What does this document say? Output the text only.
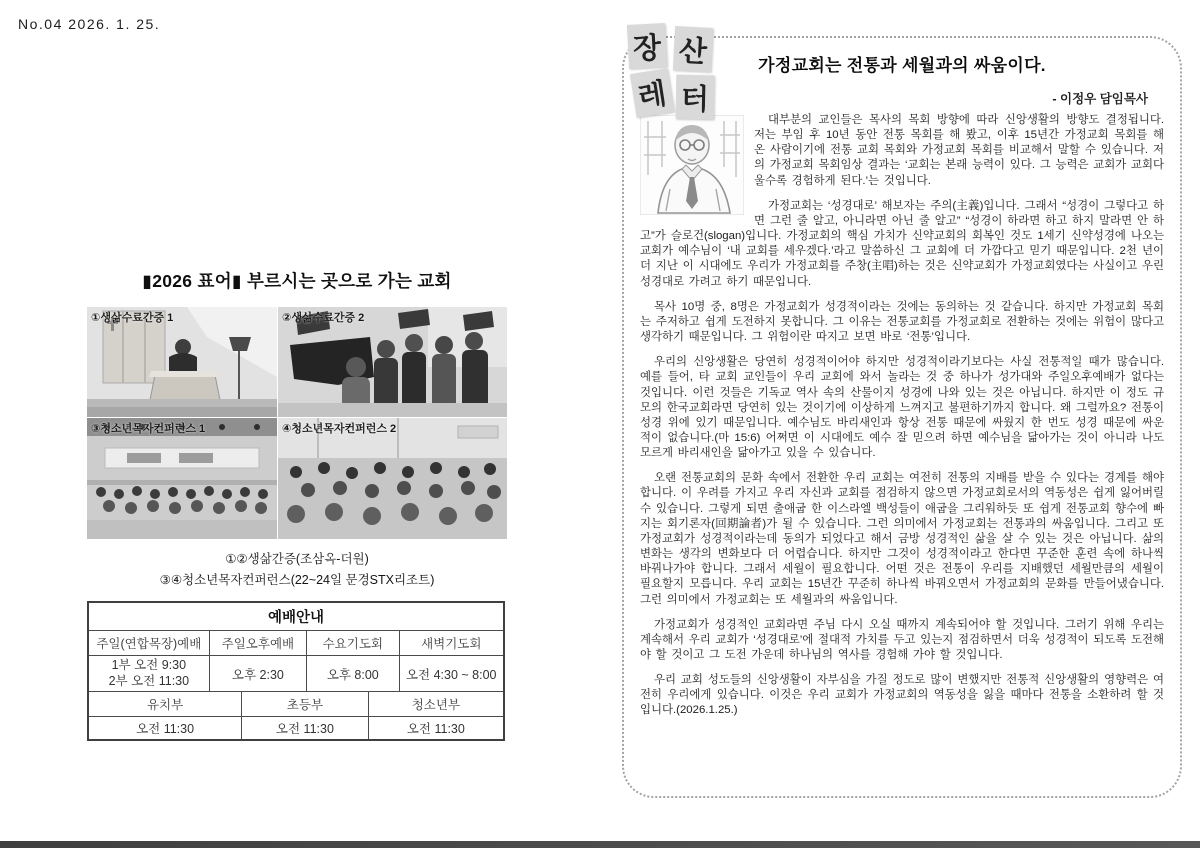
No.04 2026. 1. 25.
▮2026 표어▮ 부르시는 곳으로 가는 교회
①생삶수료간증 1	②생삶수료간증 2
③청소년목자컨퍼런스 1	④청소년목자컨퍼런스 2
①②생삶간증(조삼옥-더원)
③④청소년목자컨퍼런스(22~24일 문경STX리조트)
예배안내					
주일(연합목장)예배	주일오후예배		수요기도회		새벽기도회

1부 오전 9:30
2부 오전 11:30	오후 2:30		오후 8:00		오전 4:30 ~ 8:00
유치부		초등부		청소년부	
오전 11:30		오전 11:30		오전 11:30	
장 산
레 터
가정교회는 전통과 세월과의 싸움이다.
- 이정우 담임목사

대부분의 교인들은 목사의 목회 방향에 따라 신앙생활의 방향도 결정됩니다. 저는 부임 후 10년 동안 전통 목회를 해 봤고, 이후 15년간 가정교회 목회를 해 온 사람이기에 전통 교회 목회와 가정교회 목회를 비교해서 말할 수 있습니다. 저의 가정교회 목회임상 결과는 ‘교회는 본래 능력이 있다. 그 능력은 교회가 교회다울수록 경험하게 된다.’는 것입니다.

가정교회는 ‘성경대로’ 해보자는 주의(主義)입니다. 그래서 “성경이 그렇다고 하면 그런 줄 알고, 아니라면 아닌 줄 알고” “성경이 하라면 하고 하지 말라면 안 하고”가 슬로건(slogan)입니다. 가정교회의 핵심 가치가 신약교회의 회복인 것도 1세기 신약성경에 나오는 교회가 예수님이 ‘내 교회를 세우겠다.’라고 말씀하신 그 교회에 더 가깝다고 믿기 때문입니다. 2천 년이 더 지난 이 시대에도 우리가 가정교회를 주창(主唱)하는 것은 신약교회가 가정교회였다는 사실이고 우린 성경대로 가려고 하기 때문입니다.

목사 10명 중, 8명은 가정교회가 성경적이라는 것에는 동의하는 것 같습니다. 하지만 가정교회 목회는 주저하고 쉽게 도전하지 못합니다. 그 이유는 전통교회를 가정교회로 전환하는 것에는 위험이 많다고 생각하기 때문입니다. 그 위험이란 따지고 보면 바로 ‘전통’입니다.

우리의 신앙생활은 당연히 성경적이어야 하지만 성경적이라기보다는 사실 전통적일 때가 많습니다. 예를 들어, 타 교회 교인들이 우리 교회에 와서 놀라는 것 중 하나가 성가대와 주일오후예배가 없다는 것입니다. 이런 것들은 기독교 역사 속의 산물이지 성경에 나와 있는 것은 아닙니다. 하지만 이 정도 규모의 한국교회라면 당연히 있는 것이기에 이상하게 느껴지고 불편하기까지 합니다. 왜 그럴까요? 전통이 성경 위에 있기 때문입니다. 예수님도 바리새인과 항상 전통 때문에 싸웠지 한 번도 성경 때문에 싸운 적이 없습니다.(마 15:6) 어쩌면 이 시대에도 예수 잘 믿으려 하면 예수님을 닮아가는 것이 아니라 나도 모르게 바리새인을 닮아가고 있을 수 있습니다.

오랜 전통교회의 문화 속에서 전환한 우리 교회는 여전히 전통의 지배를 받을 수 있다는 경계를 해야 합니다. 이 우려를 가지고 우리 자신과 교회를 점검하지 않으면 가정교회로서의 역동성은 쉽게 잃어버릴 수 있습니다. 그렇게 되면 출애굽 한 이스라엘 백성들이 애굽을 그리워하듯 또 쉽게 전통교회 향수에 빠지는 회기론자(回期論者)가 될 수 있습니다. 그런 의미에서 가정교회는 전통과의 싸움입니다. 그리고 또 가정교회가 성경적이라는데 동의가 되었다고 해서 금방 성경적인 삶을 살 수 있는 것은 아닙니다. 삶의 변화는 생각의 변화보다 더 어렵습니다. 하지만 그것이 성경적이라고 한다면 꾸준한 훈련 속에 하나씩 바꿔나가야 합니다. 그래서 세월이 필요합니다. 어떤 것은 전통이 우리를 지배했던 세월만큼의 세월이 필요할지 모릅니다. 우리 교회는 15년간 꾸준히 하나씩 바꿔오면서 가정교회의 문화를 만들어냈습니다. 그런 의미에서 가정교회는 또 세월과의 싸움입니다.

가정교회가 성경적인 교회라면 주님 다시 오실 때까지 계속되어야 할 것입니다. 그러기 위해 우리는 계속해서 우리 교회가 ‘성경대로’에 절대적 가치를 두고 있는지 점검하면서 더욱 성경적이 되도록 도전해야 할 것이고 그 도전 가운데 하나님의 역사를 경험해 가야 할 것입니다.

우리 교회 성도들의 신앙생활이 자부심을 가질 정도로 많이 변했지만 전통적 신앙생활의 영향력은 여전히 우리에게 있습니다. 이것은 우리 교회가 가정교회의 역동성을 잃을 때마다 전통을 소환하려 할 것입니다.(2026.1.25.)
